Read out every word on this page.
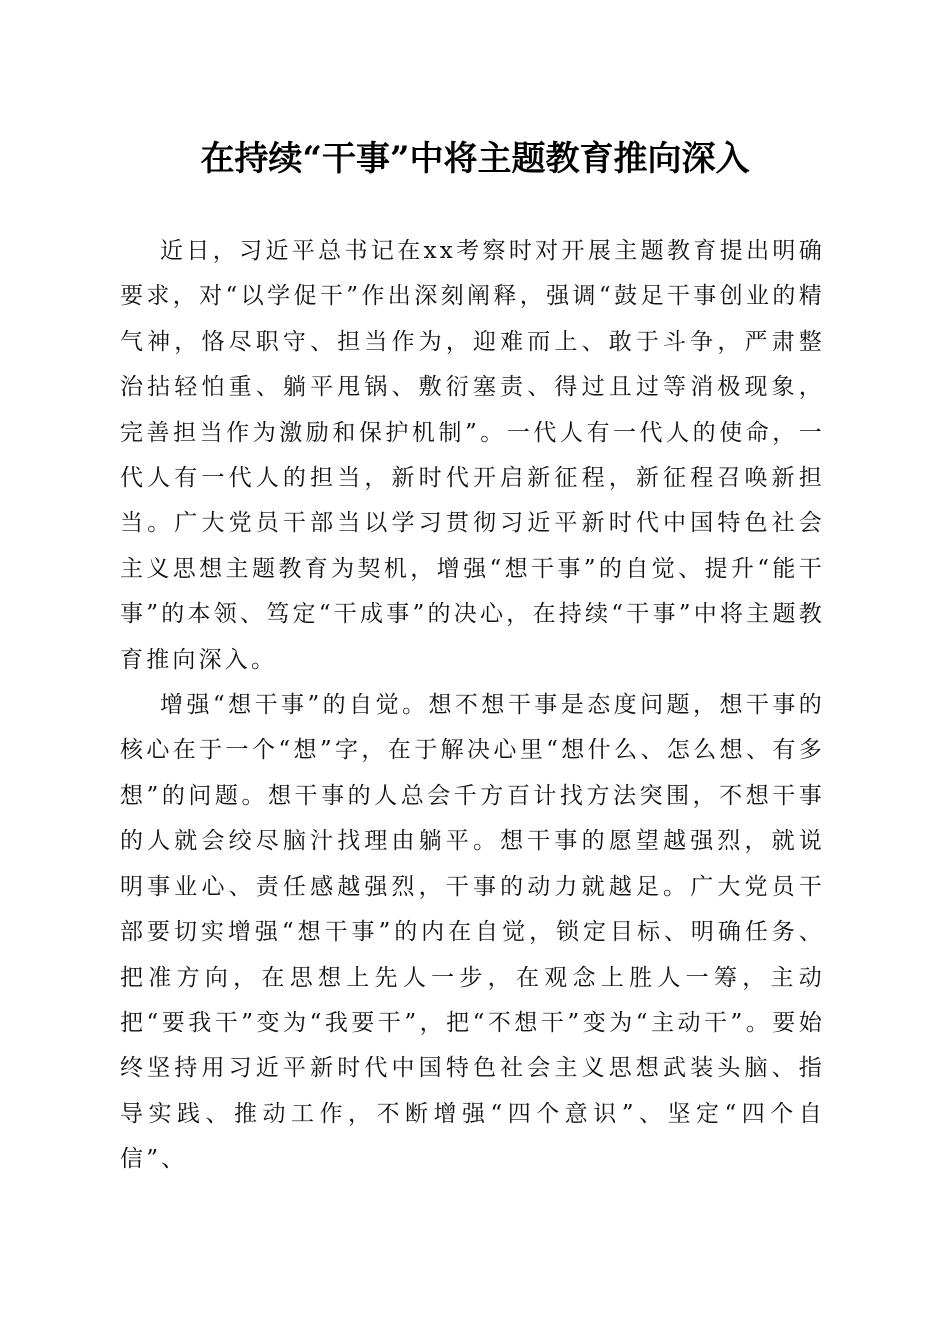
在持续“干事”中将主题教育推向深入

近日，习近平总书记在xx考察时对开展主题教育提出明确要求，对“以学促干”作出深刻阐释，强调“鼓足干事创业的精气神，恪尽职守、担当作为，迎难而上、敢于斗争，严肃整治拈轻怕重、躺平甩锅、敷衍塞责、得过且过等消极现象，完善担当作为激励和保护机制”。一代人有一代人的使命，一代人有一代人的担当，新时代开启新征程，新征程召唤新担当。广大党员干部当以学习贯彻习近平新时代中国特色社会主义思想主题教育为契机，增强“想干事”的自觉、提升“能干事”的本领、笃定“干成事”的决心，在持续“干事”中将主题教育推向深入。

增强“想干事”的自觉。想不想干事是态度问题，想干事的核心在于一个“想”字，在于解决心里“想什么、怎么想、有多想”的问题。想干事的人总会千方百计找方法突围，不想干事的人就会绞尽脑汁找理由躺平。想干事的愿望越强烈，就说明事业心、责任感越强烈，干事的动力就越足。广大党员干部要切实增强“想干事”的内在自觉，锁定目标、明确任务、把准方向，在思想上先人一步，在观念上胜人一筹，主动把“要我干”变为“我要干”，把“不想干”变为“主动干”。要始终坚持用习近平新时代中国特色社会主义思想武装头脑、指导实践、推动工作，不断增强“四个意识”、坚定“四个自信”、
